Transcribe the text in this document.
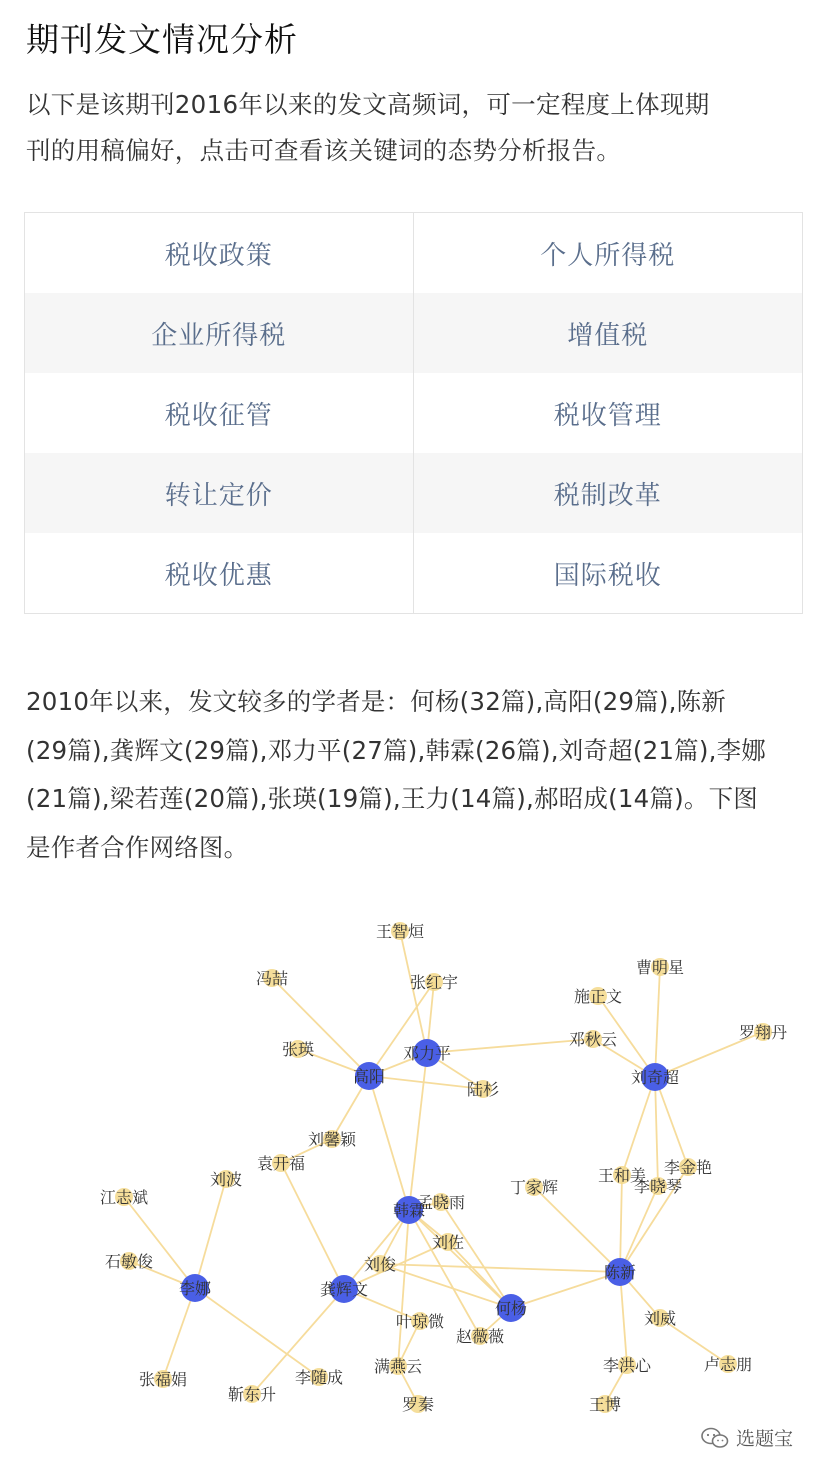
期刊发文情况分析
以下是该期刊2016年以来的发文高频词，可一定程度上体现期
刊的用稿偏好，点击可查看该关键词的态势分析报告。
税收政策	个人所得税
企业所得税	增值税
税收征管	税收管理
转让定价	税制改革
税收优惠	国际税收
2010年以来，发文较多的学者是：何杨(32篇),高阳(29篇),陈新
(29篇),龚辉文(29篇),邓力平(27篇),韩霖(26篇),刘奇超(21篇),李娜
(21篇),梁若莲(20篇),张瑛(19篇),王力(14篇),郝昭成(14篇)。下图
是作者合作网络图。
王智烜
冯喆	张红宇
张瑛	邓力平
高阳
陆杉
邓秋云
施正文
曹明星
罗翔丹
刘奇超
刘馨颖
袁开福
刘波
江志斌
丁家辉
王和美 李金艳
李晓琴
韩霖
孟晓雨
刘佐
石敏俊
李娜	龚辉文
刘俊	陈新
何杨
叶琼微
赵薇薇
刘威
张福娟	李随成
满燕云	李洪心	卢志朋
靳东升
罗秦	王博
选题宝
